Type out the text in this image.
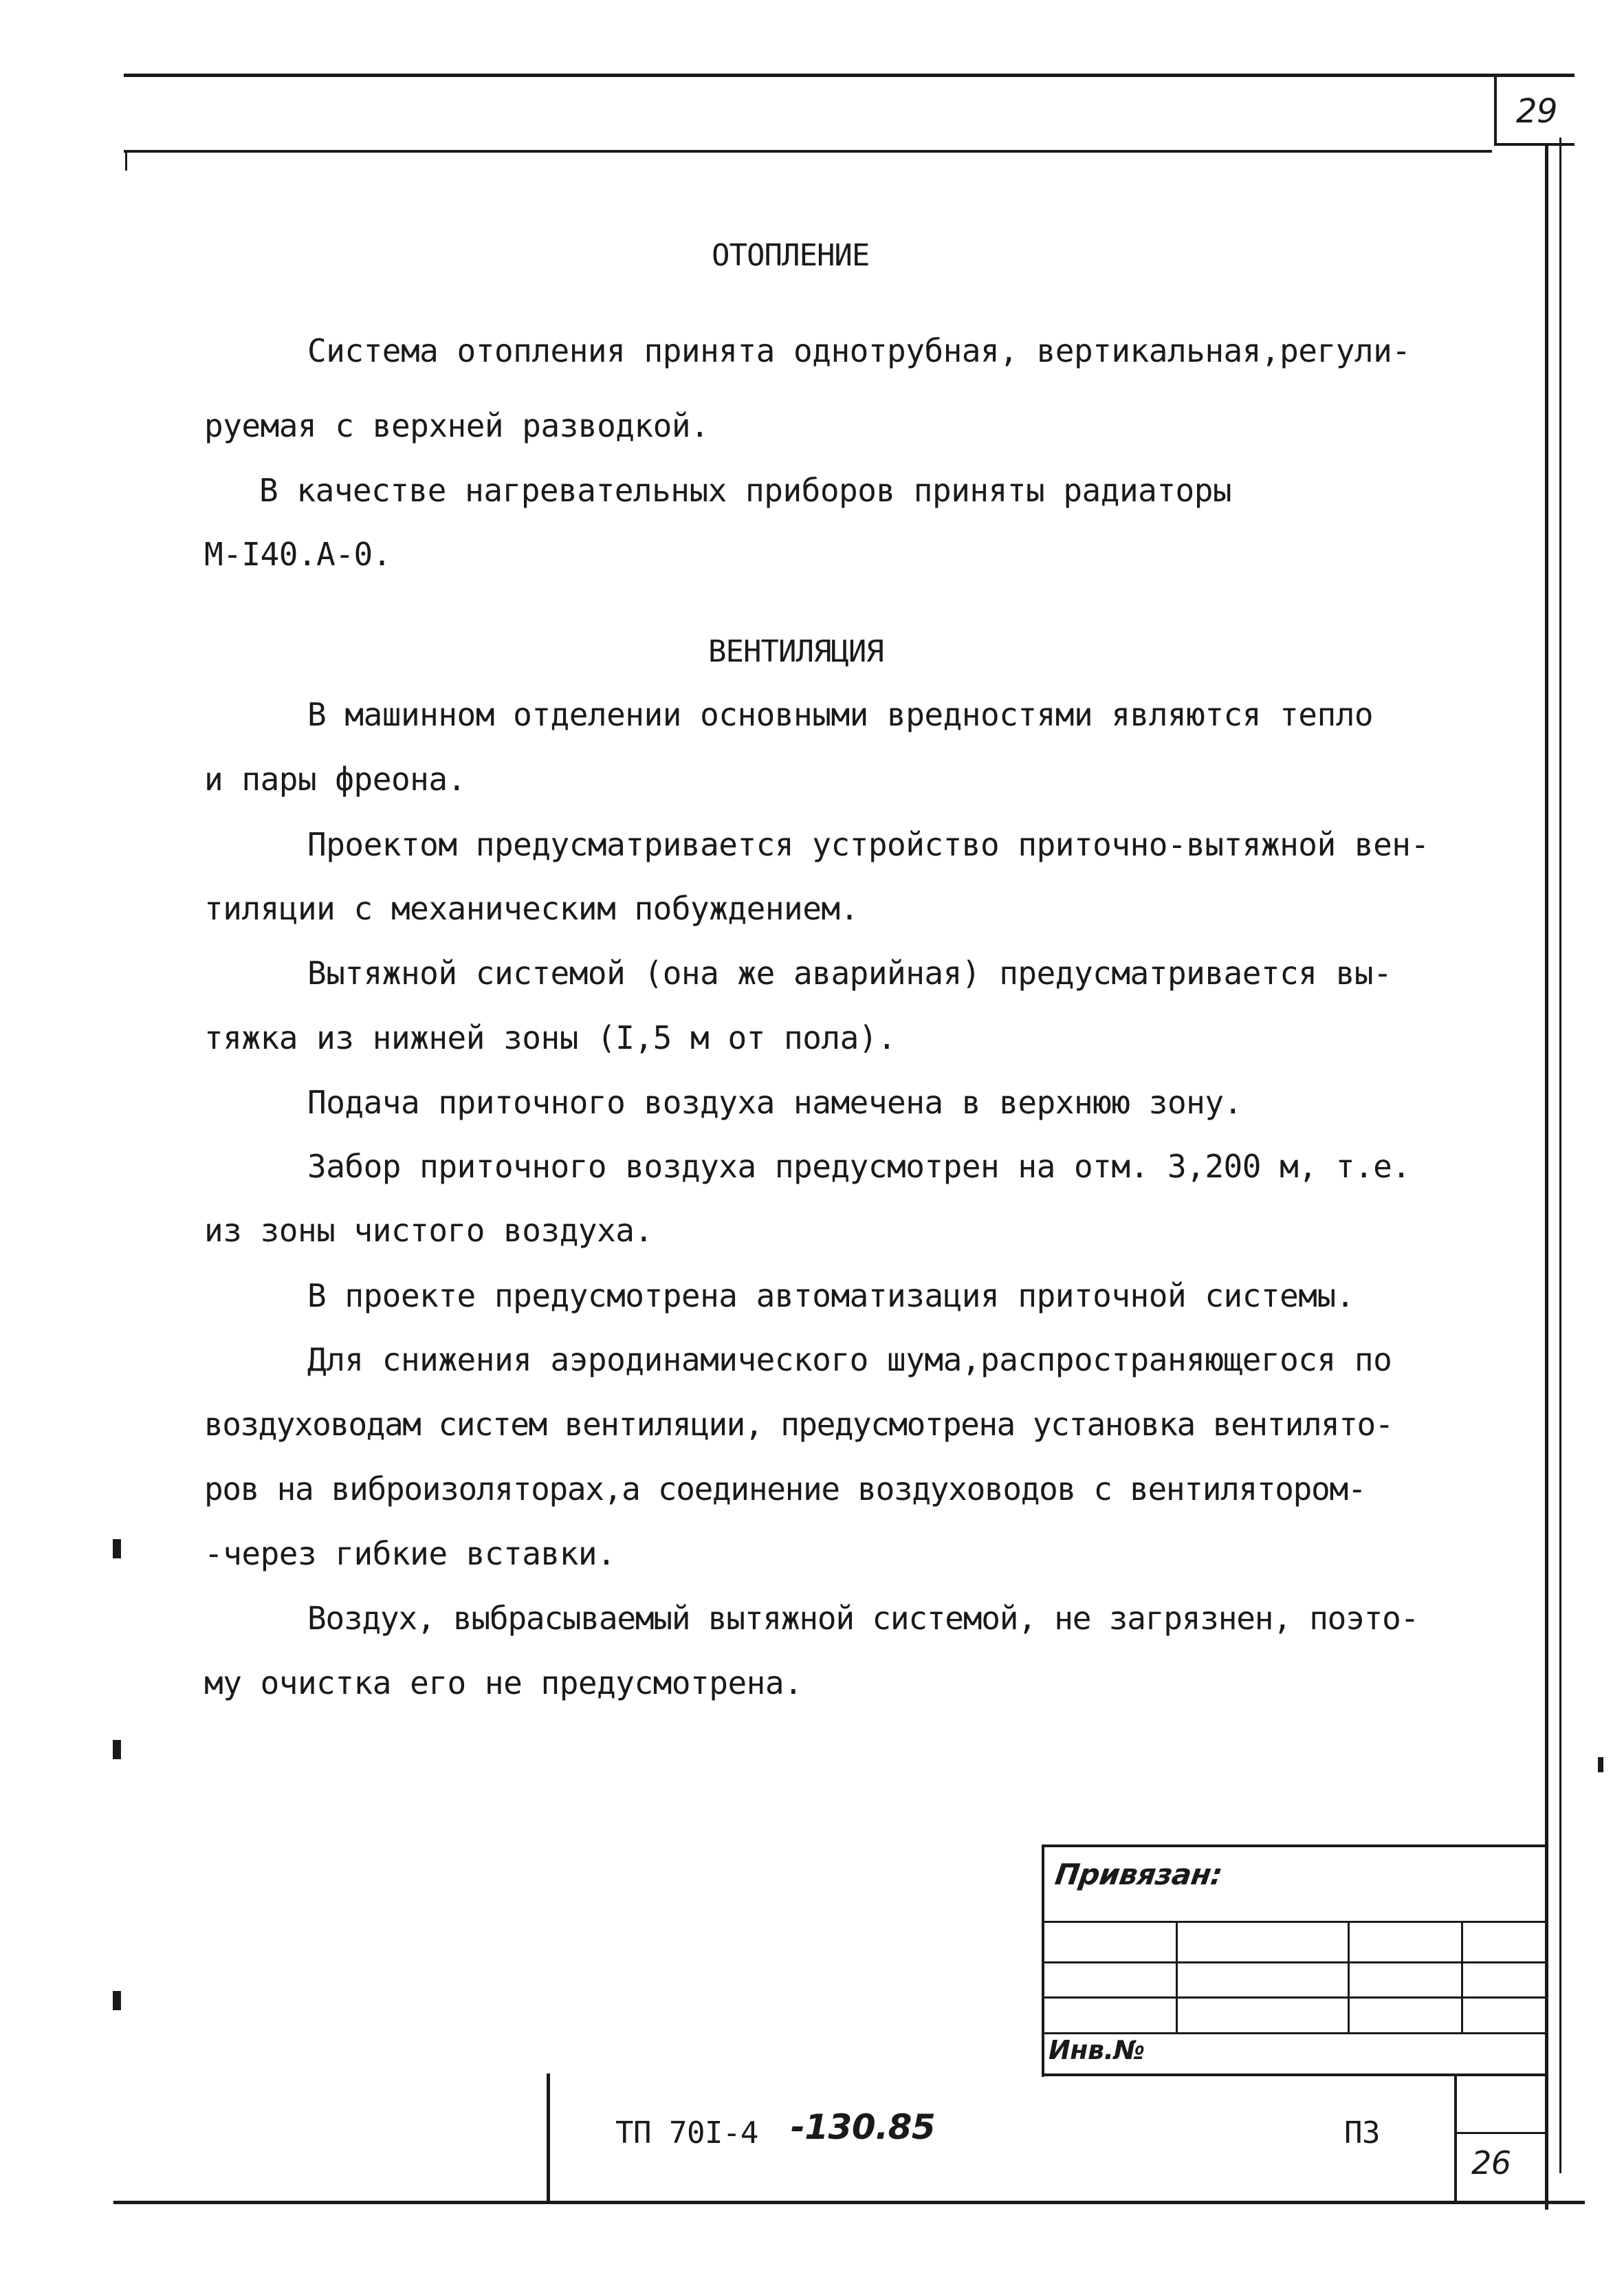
29
ОТОПЛЕНИЕ
Система отопления принята однотрубная, вертикальная,регули-
руемая с верхней разводкой.
В качестве нагревательных приборов приняты радиаторы
М-I40.А-0.
ВЕНТИЛЯЦИЯ
В машинном отделении основными вредностями являются тепло
и пары фреона.
Проектом предусматривается устройство приточно-вытяжной вен-
тиляции с механическим побуждением.
Вытяжной системой (она же аварийная) предусматривается вы-
тяжка из нижней зоны (I,5 м от пола).
Подача приточного воздуха намечена в верхнюю зону.
Забор приточного воздуха предусмотрен на отм. 3,200 м, т.е.
из зоны чистого воздуха.
В проекте предусмотрена автоматизация приточной системы.
Для снижения аэродинамического шума,распространяющегося по
воздуховодам систем вентиляции, предусмотрена установка вентилято-
ров на виброизоляторах,а соединение воздуховодов с вентилятором-
-через гибкие вставки.
Воздух, выбрасываемый вытяжной системой, не загрязнен, поэто-
му очистка его не предусмотрена.
Привязан:
Инв.№
ТП 70I-4 -130.85	ПЗ
26
